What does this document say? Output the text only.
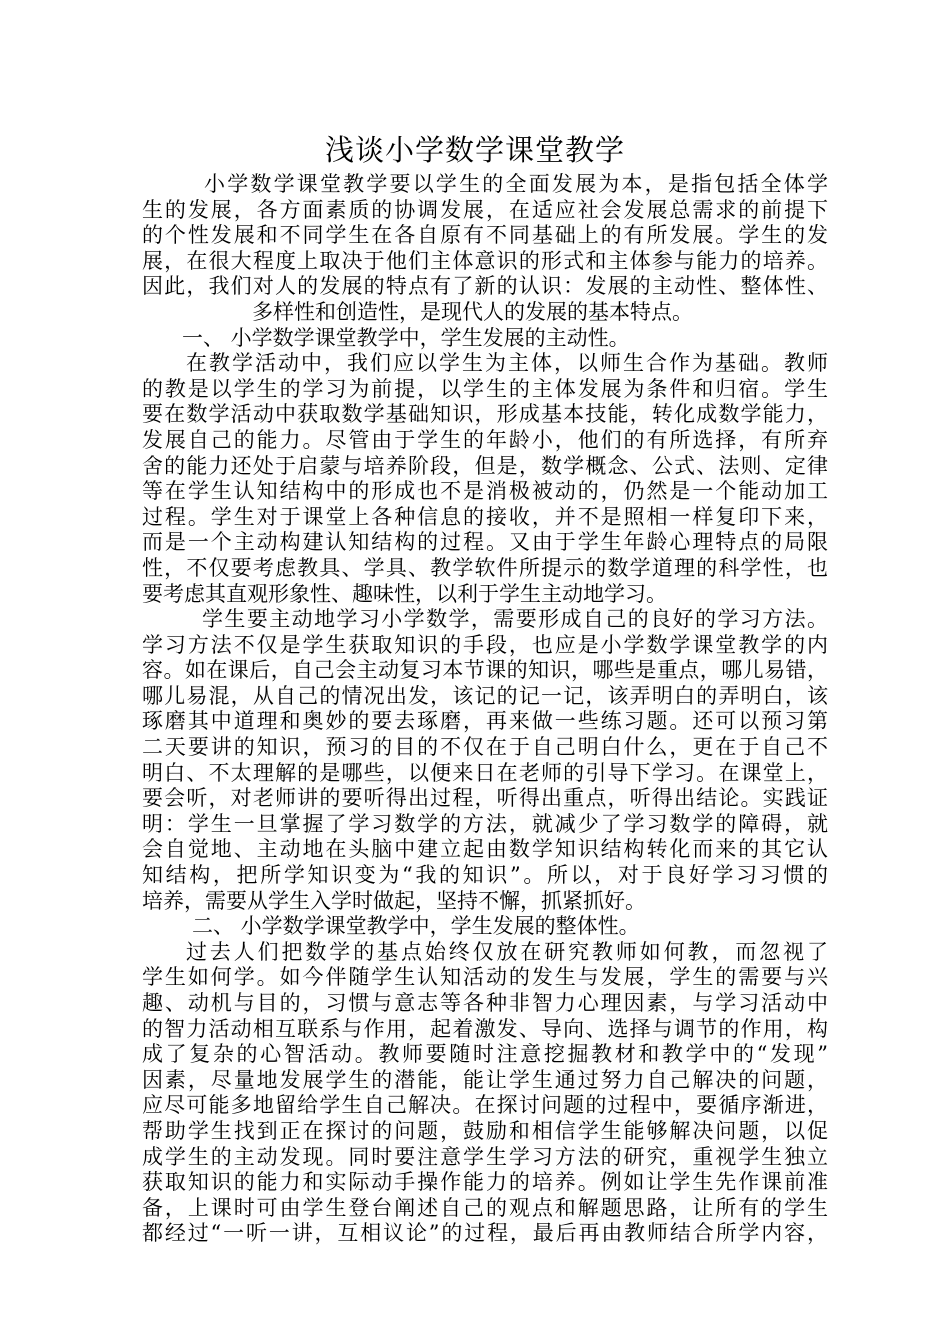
浅谈小学数学课堂教学
小学数学课堂教学要以学生的全面发展为本，是指包括全体学
生的发展，各方面素质的协调发展，在适应社会发展总需求的前提下
的个性发展和不同学生在各自原有不同基础上的有所发展。学生的发
展，在很大程度上取决于他们主体意识的形式和主体参与能力的培养。
因此，我们对人的发展的特点有了新的认识：发展的主动性、整体性、
多样性和创造性，是现代人的发展的基本特点。
一、 小学数学课堂教学中，学生发展的主动性。
在教学活动中，我们应以学生为主体，以师生合作为基础。教师
的教是以学生的学习为前提，以学生的主体发展为条件和归宿。学生
要在数学活动中获取数学基础知识，形成基本技能，转化成数学能力，
发展自己的能力。尽管由于学生的年龄小，他们的有所选择，有所弃
舍的能力还处于启蒙与培养阶段，但是，数学概念、公式、法则、定律
等在学生认知结构中的形成也不是消极被动的，仍然是一个能动加工
过程。学生对于课堂上各种信息的接收，并不是照相一样复印下来，
而是一个主动构建认知结构的过程。又由于学生年龄心理特点的局限
性，不仅要考虑教具、学具、教学软件所提示的数学道理的科学性，也
要考虑其直观形象性、趣味性，以利于学生主动地学习。
学生要主动地学习小学数学，需要形成自己的良好的学习方法。
学习方法不仅是学生获取知识的手段，也应是小学数学课堂教学的内
容。如在课后，自己会主动复习本节课的知识，哪些是重点，哪儿易错，
哪儿易混，从自己的情况出发，该记的记一记，该弄明白的弄明白，该
琢磨其中道理和奥妙的要去琢磨，再来做一些练习题。还可以预习第
二天要讲的知识，预习的目的不仅在于自己明白什么，更在于自己不
明白、不太理解的是哪些，以便来日在老师的引导下学习。在课堂上，
要会听，对老师讲的要听得出过程，听得出重点，听得出结论。实践证
明：学生一旦掌握了学习数学的方法，就减少了学习数学的障碍，就
会自觉地、主动地在头脑中建立起由数学知识结构转化而来的其它认
知结构，把所学知识变为“我的知识”。所以，对于良好学习习惯的
培养，需要从学生入学时做起，坚持不懈，抓紧抓好。
二、 小学数学课堂教学中，学生发展的整体性。
过去人们把数学的基点始终仅放在研究教师如何教，而忽视了
学生如何学。如今伴随学生认知活动的发生与发展，学生的需要与兴
趣、动机与目的，习惯与意志等各种非智力心理因素，与学习活动中
的智力活动相互联系与作用，起着激发、导向、选择与调节的作用，构
成了复杂的心智活动。教师要随时注意挖掘教材和教学中的“发现”
因素，尽量地发展学生的潜能，能让学生通过努力自己解决的问题，
应尽可能多地留给学生自己解决。在探讨问题的过程中，要循序渐进，
帮助学生找到正在探讨的问题，鼓励和相信学生能够解决问题，以促
成学生的主动发现。同时要注意学生学习方法的研究，重视学生独立
获取知识的能力和实际动手操作能力的培养。例如让学生先作课前准
备，上课时可由学生登台阐述自己的观点和解题思路，让所有的学生
都经过“一听一讲，互相议论”的过程，最后再由教师结合所学内容，
